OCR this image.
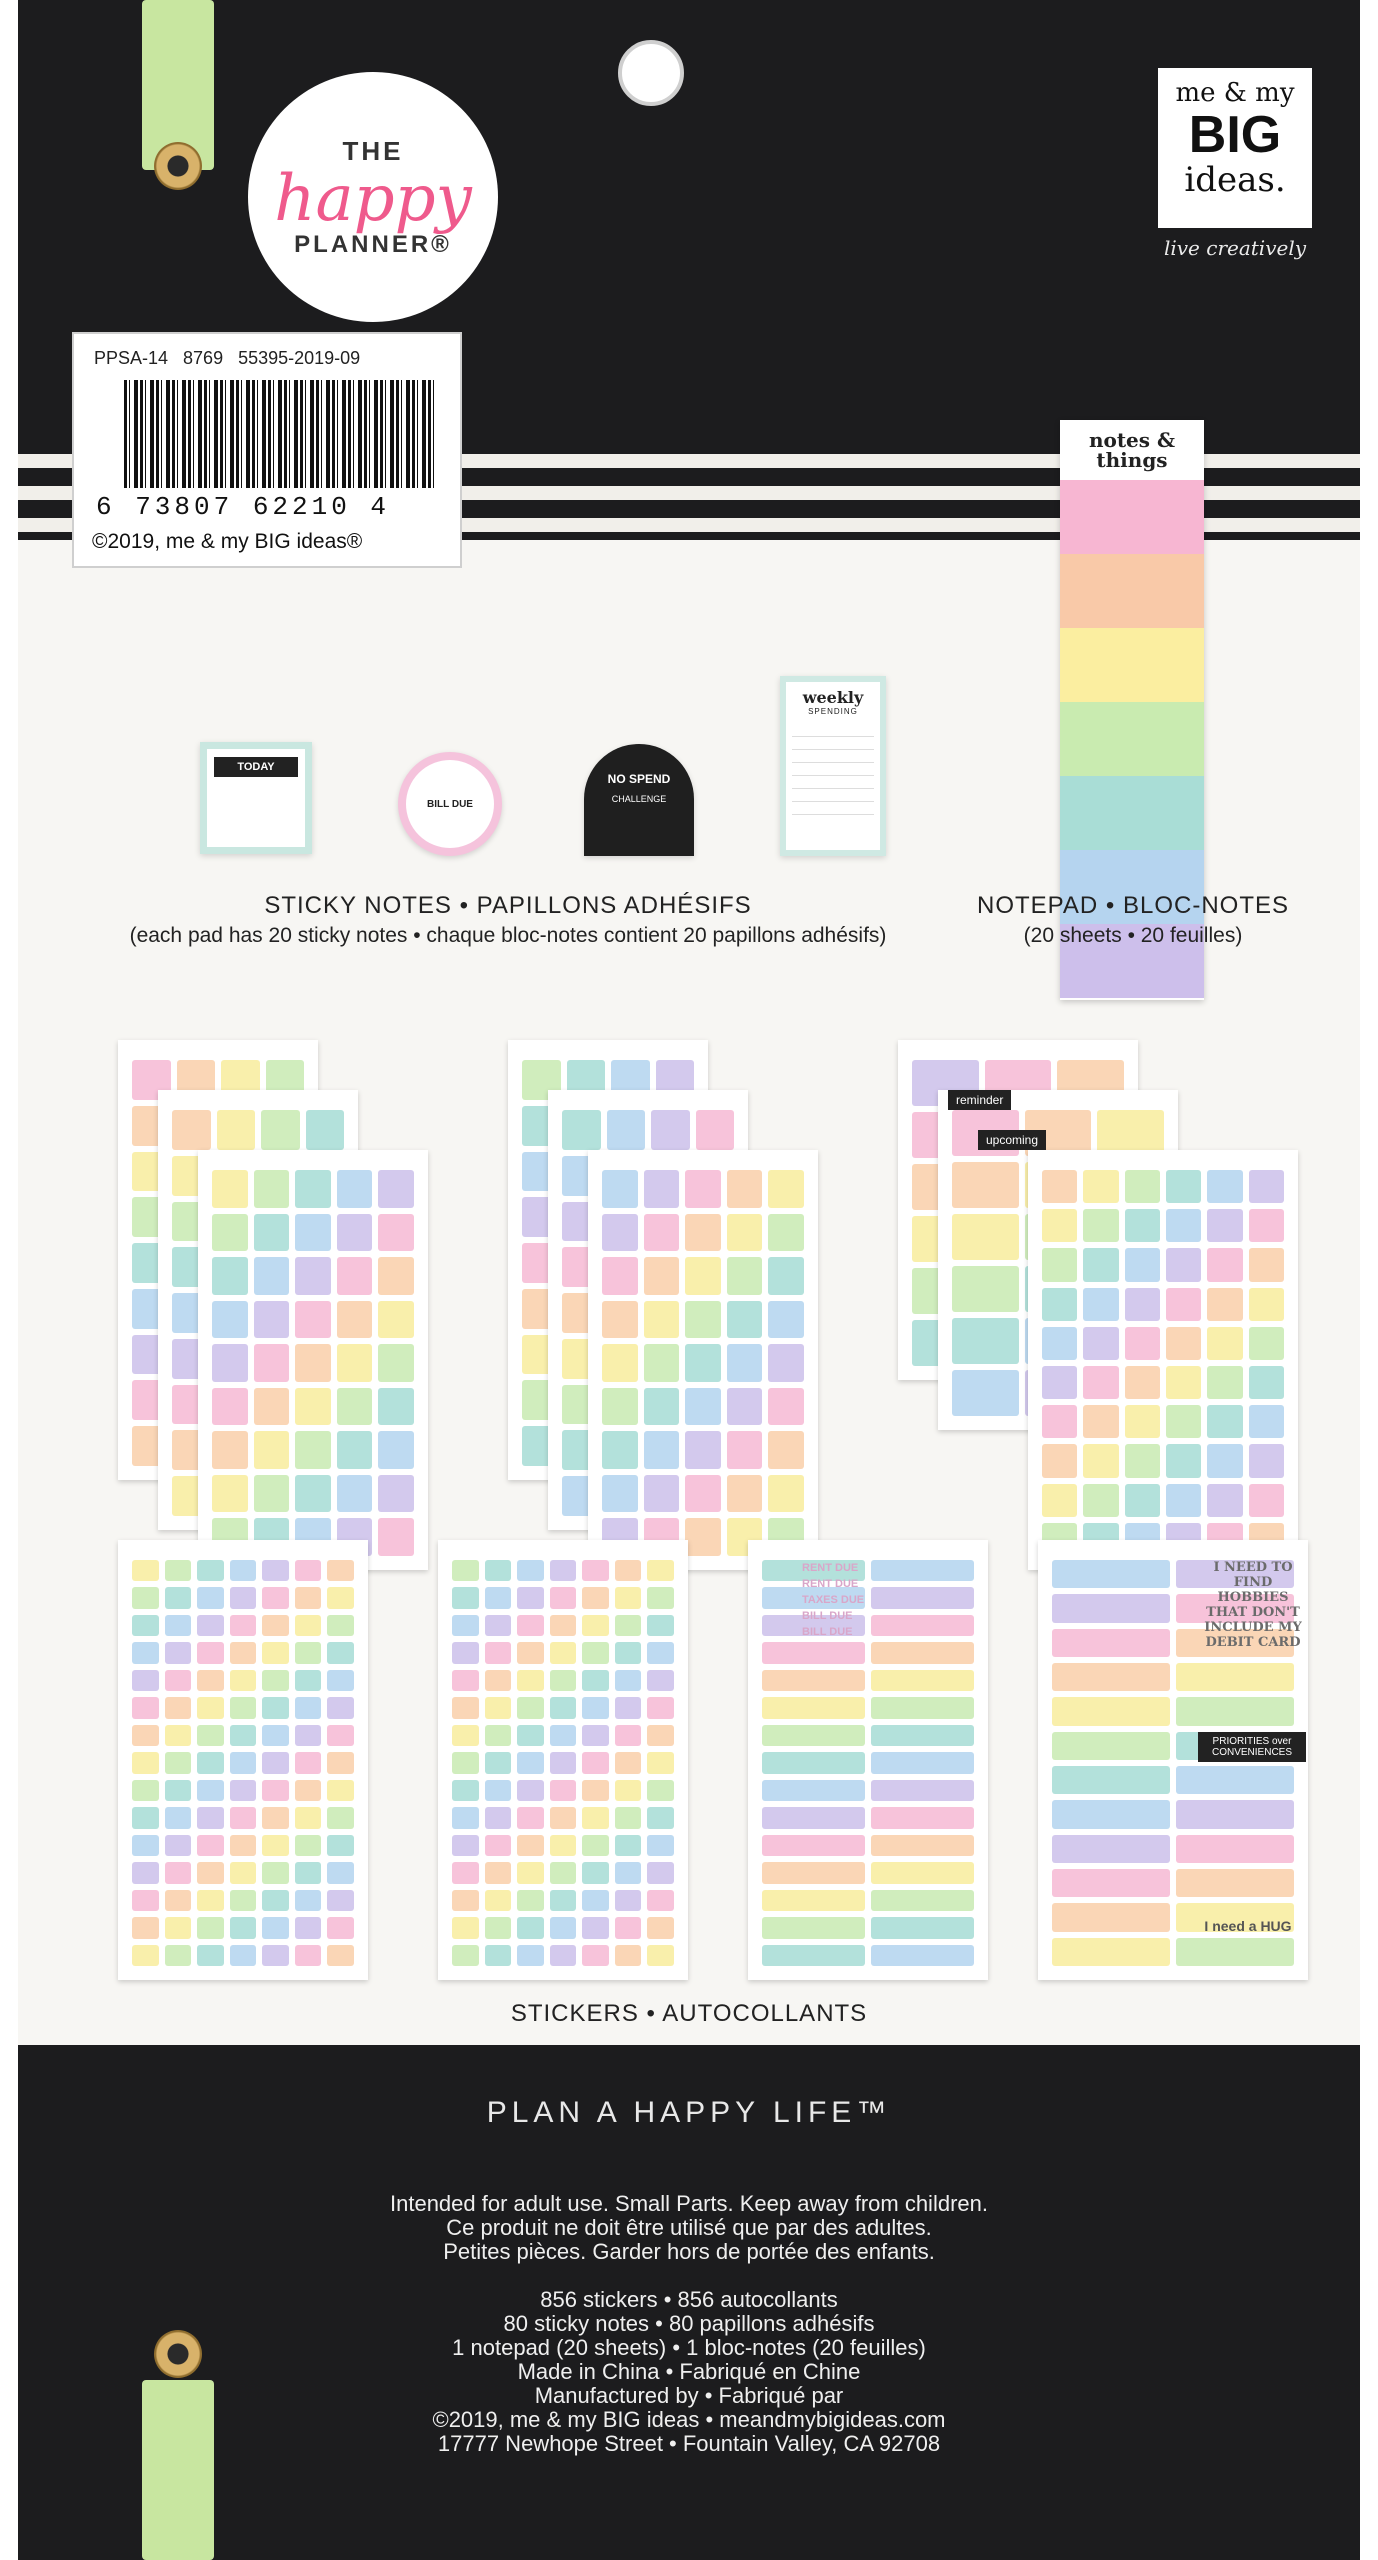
THE
happy
PLANNER®
me & my
BIG
ideas.
live creatively
PPSA-14 8769 55395-2019-09
6 73807 62210 4
©2019, me & my BIG ideas®
TODAY
BILL DUE
NO SPEND
CHALLENGE
weekly
SPENDING
STICKY NOTES • PAPILLONS ADHÉSIFS
(each pad has 20 sticky notes • chaque bloc-notes contient 20 papillons adhésifs)
notes & things
NOTEPAD • BLOC-NOTES
(20 sheets • 20 feuilles)
reminder
upcoming
RENT DUE
RENT DUE
TAXES DUE
BILL DUE
BILL DUE
I NEED TO FIND HOBBIES THAT DON'T INCLUDE MY DEBIT CARD
PRIORITIES over CONVENIENCES
I need a HUG
STICKERS • AUTOCOLLANTS
PLAN A HAPPY LIFE™
Intended for adult use. Small Parts. Keep away from children.
Ce produit ne doit être utilisé que par des adultes.
Petites pièces. Garder hors de portée des enfants.
856 stickers • 856 autocollants
80 sticky notes • 80 papillons adhésifs
1 notepad (20 sheets) • 1 bloc-notes (20 feuilles)
Made in China • Fabriqué en Chine
Manufactured by • Fabriqué par
©2019, me & my BIG ideas • meandmybigideas.com
17777 Newhope Street • Fountain Valley, CA 92708
